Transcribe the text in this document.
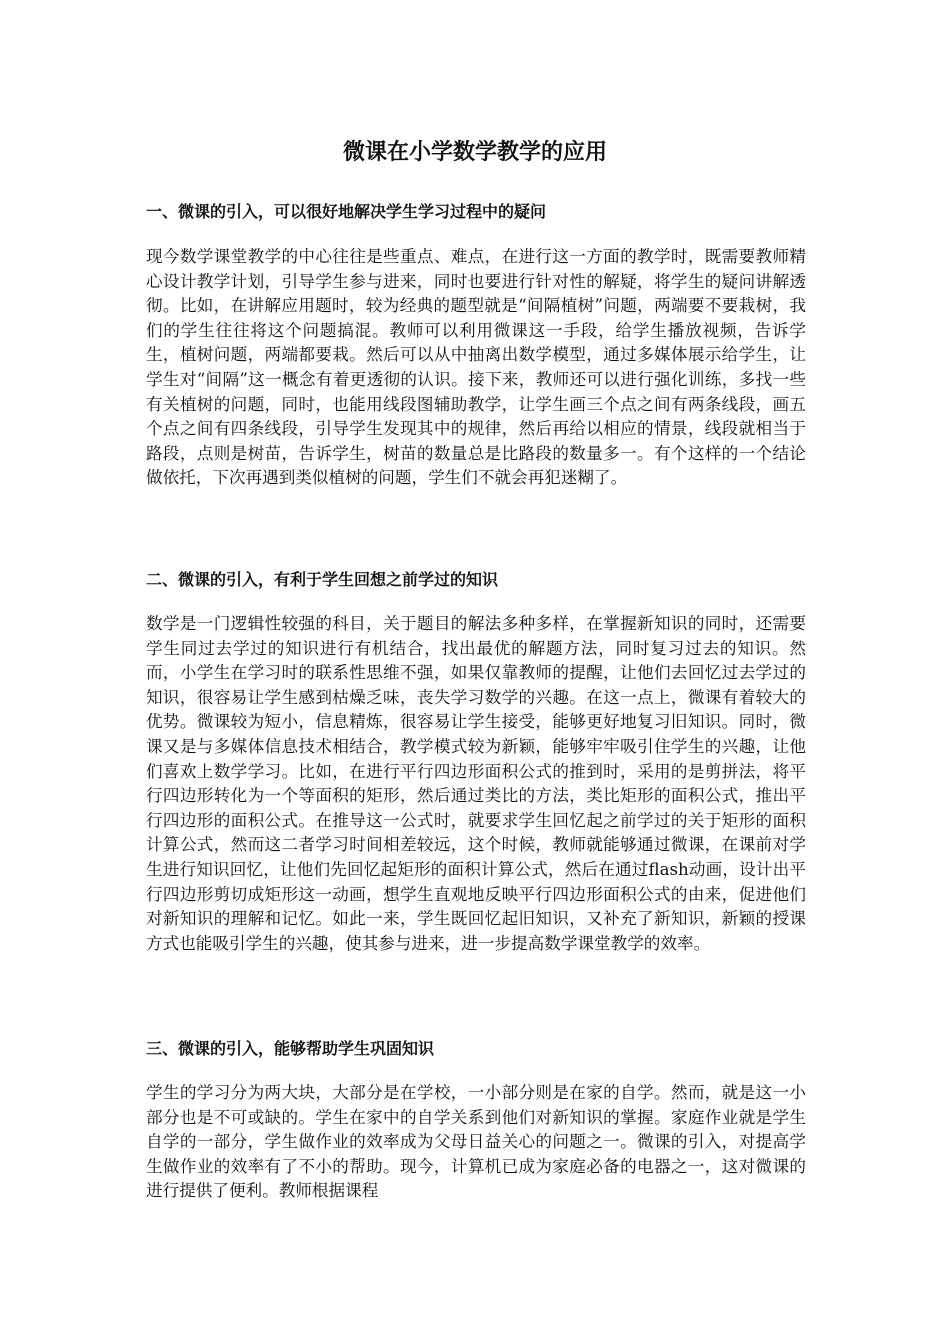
微课在小学数学教学的应用
一、微课的引入，可以很好地解决学生学习过程中的疑问

现今数学课堂教学的中心往往是些重点、难点，在进行这一方面的教学时，既需要教师精心设计教学计划，引导学生参与进来，同时也要进行针对性的解疑，将学生的疑问讲解透彻。比如，在讲解应用题时，较为经典的题型就是“间隔植树”问题，两端要不要栽树，我们的学生往往将这个问题搞混。教师可以利用微课这一手段，给学生播放视频，告诉学生，植树问题，两端都要栽。然后可以从中抽离出数学模型，通过多媒体展示给学生，让学生对“间隔”这一概念有着更透彻的认识。接下来，教师还可以进行强化训练，多找一些有关植树的问题，同时，也能用线段图辅助教学，让学生画三个点之间有两条线段，画五个点之间有四条线段，引导学生发现其中的规律，然后再给以相应的情景，线段就相当于路段，点则是树苗，告诉学生，树苗的数量总是比路段的数量多一。有个这样的一个结论做依托，下次再遇到类似植树的问题，学生们不就会再犯迷糊了。

二、微课的引入，有利于学生回想之前学过的知识

数学是一门逻辑性较强的科目，关于题目的解法多种多样，在掌握新知识的同时，还需要学生同过去学过的知识进行有机结合，找出最优的解题方法，同时复习过去的知识。然而，小学生在学习时的联系性思维不强，如果仅靠教师的提醒，让他们去回忆过去学过的知识，很容易让学生感到枯燥乏味，丧失学习数学的兴趣。在这一点上，微课有着较大的优势。微课较为短小，信息精炼，很容易让学生接受，能够更好地复习旧知识。同时，微课又是与多媒体信息技术相结合，教学模式较为新颖，能够牢牢吸引住学生的兴趣，让他们喜欢上数学学习。比如，在进行平行四边形面积公式的推到时，采用的是剪拼法，将平行四边形转化为一个等面积的矩形，然后通过类比的方法，类比矩形的面积公式，推出平行四边形的面积公式。在推导这一公式时，就要求学生回忆起之前学过的关于矩形的面积计算公式，然而这二者学习时间相差较远，这个时候，教师就能够通过微课，在课前对学生进行知识回忆，让他们先回忆起矩形的面积计算公式，然后在通过flash动画，设计出平行四边形剪切成矩形这一动画，想学生直观地反映平行四边形面积公式的由来，促进他们对新知识的理解和记忆。如此一来，学生既回忆起旧知识，又补充了新知识，新颖的授课方式也能吸引学生的兴趣，使其参与进来，进一步提高数学课堂教学的效率。

三、微课的引入，能够帮助学生巩固知识

学生的学习分为两大块，大部分是在学校，一小部分则是在家的自学。然而，就是这一小部分也是不可或缺的。学生在家中的自学关系到他们对新知识的掌握。家庭作业就是学生自学的一部分，学生做作业的效率成为父母日益关心的问题之一。微课的引入，对提高学生做作业的效率有了不小的帮助。现今，计算机已成为家庭必备的电器之一，这对微课的进行提供了便利。教师根据课程
